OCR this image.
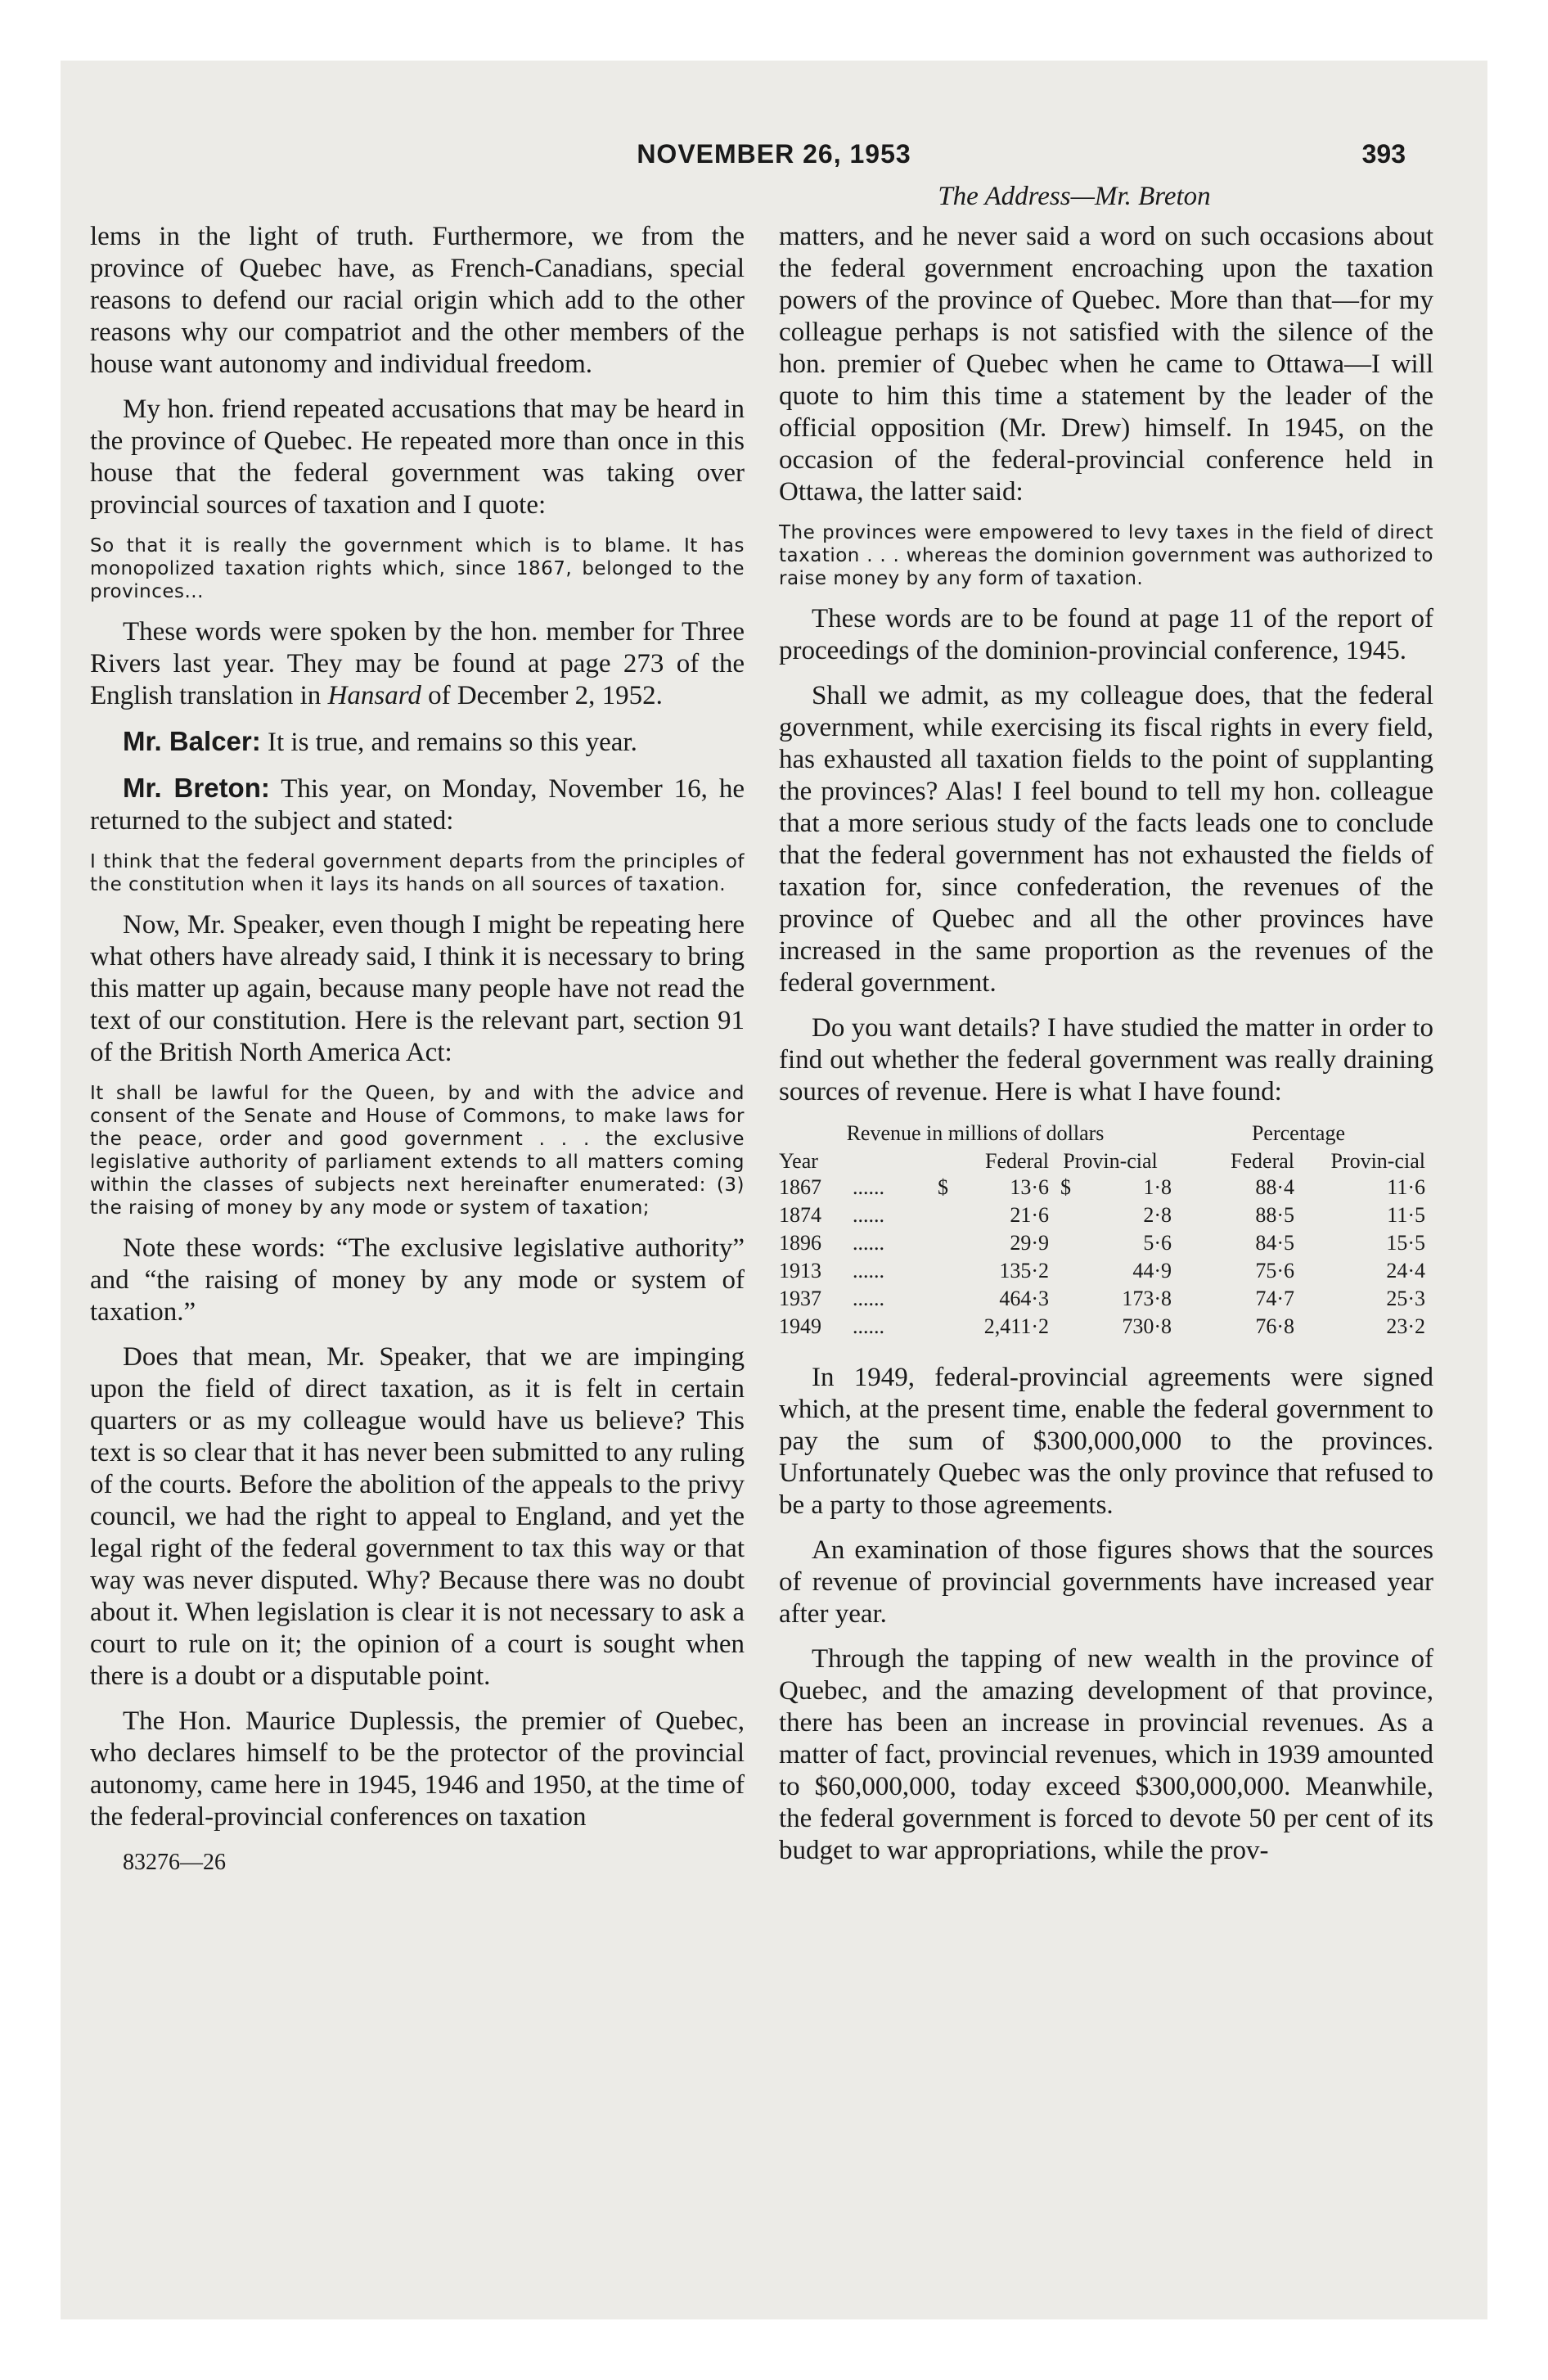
NOVEMBER 26, 1953	393
The Address—Mr. Breton

lems in the light of truth. Furthermore, we from the province of Quebec have, as French-Canadians, special reasons to defend our racial origin which add to the other reasons why our compatriot and the other members of the house want autonomy and individual freedom.

My hon. friend repeated accusations that may be heard in the province of Quebec. He repeated more than once in this house that the federal government was taking over provincial sources of taxation and I quote:

So that it is really the government which is to blame. It has monopolized taxation rights which, since 1867, belonged to the provinces...

These words were spoken by the hon. member for Three Rivers last year. They may be found at page 273 of the English translation in Hansard of December 2, 1952.

Mr. Balcer: It is true, and remains so this year.

Mr. Breton: This year, on Monday, November 16, he returned to the subject and stated:

I think that the federal government departs from the principles of the constitution when it lays its hands on all sources of taxation.

Now, Mr. Speaker, even though I might be repeating here what others have already said, I think it is necessary to bring this matter up again, because many people have not read the text of our constitution. Here is the relevant part, section 91 of the British North America Act:

It shall be lawful for the Queen, by and with the advice and consent of the Senate and House of Commons, to make laws for the peace, order and good government . . . the exclusive legislative authority of parliament extends to all matters coming within the classes of subjects next hereinafter enumerated: (3) the raising of money by any mode or system of taxation;

Note these words: “The exclusive legislative authority” and “the raising of money by any mode or system of taxation.”

Does that mean, Mr. Speaker, that we are impinging upon the field of direct taxation, as it is felt in certain quarters or as my colleague would have us believe? This text is so clear that it has never been submitted to any ruling of the courts. Before the abolition of the appeals to the privy council, we had the right to appeal to England, and yet the legal right of the federal government to tax this way or that way was never disputed. Why? Because there was no doubt about it. When legislation is clear it is not necessary to ask a court to rule on it; the opinion of a court is sought when there is a doubt or a disputable point.

The Hon. Maurice Duplessis, the premier of Quebec, who declares himself to be the protector of the provincial autonomy, came here in 1945, 1946 and 1950, at the time of the federal-provincial conferences on taxation

83276—26

matters, and he never said a word on such occasions about the federal government encroaching upon the taxation powers of the province of Quebec. More than that—for my colleague perhaps is not satisfied with the silence of the hon. premier of Quebec when he came to Ottawa—I will quote to him this time a statement by the leader of the official opposition (Mr. Drew) himself. In 1945, on the occasion of the federal-provincial conference held in Ottawa, the latter said:

The provinces were empowered to levy taxes in the field of direct taxation . . . whereas the dominion government was authorized to raise money by any form of taxation.

These words are to be found at page 11 of the report of proceedings of the dominion-provincial conference, 1945.

Shall we admit, as my colleague does, that the federal government, while exercising its fiscal rights in every field, has exhausted all taxation fields to the point of supplanting the provinces? Alas! I feel bound to tell my hon. colleague that a more serious study of the facts leads one to conclude that the federal government has not exhausted the fields of taxation for, since confederation, the revenues of the province of Quebec and all the other provinces have increased in the same proportion as the revenues of the federal government.

Do you want details? I have studied the matter in order to find out whether the federal government was really draining sources of revenue. Here is what I have found:

Revenue in millions of dollars						Percentage	
Year		Federal		Provin-cial		Federal	Provin-cial
1867	......	$	13·6	$	1·8	88·4	11·6
1874	......		21·6		2·8	88·5	11·5
1896	......		29·9		5·6	84·5	15·5
1913	......		135·2		44·9	75·6	24·4
1937	......		464·3		173·8	74·7	25·3
1949	......		2,411·2		730·8	76·8	23·2

In 1949, federal-provincial agreements were signed which, at the present time, enable the federal government to pay the sum of $300,000,000 to the provinces. Unfortunately Quebec was the only province that refused to be a party to those agreements.

An examination of those figures shows that the sources of revenue of provincial governments have increased year after year.

Through the tapping of new wealth in the province of Quebec, and the amazing development of that province, there has been an increase in provincial revenues. As a matter of fact, provincial revenues, which in 1939 amounted to $60,000,000, today exceed $300,000,000. Meanwhile, the federal government is forced to devote 50 per cent of its budget to war appropriations, while the prov-
